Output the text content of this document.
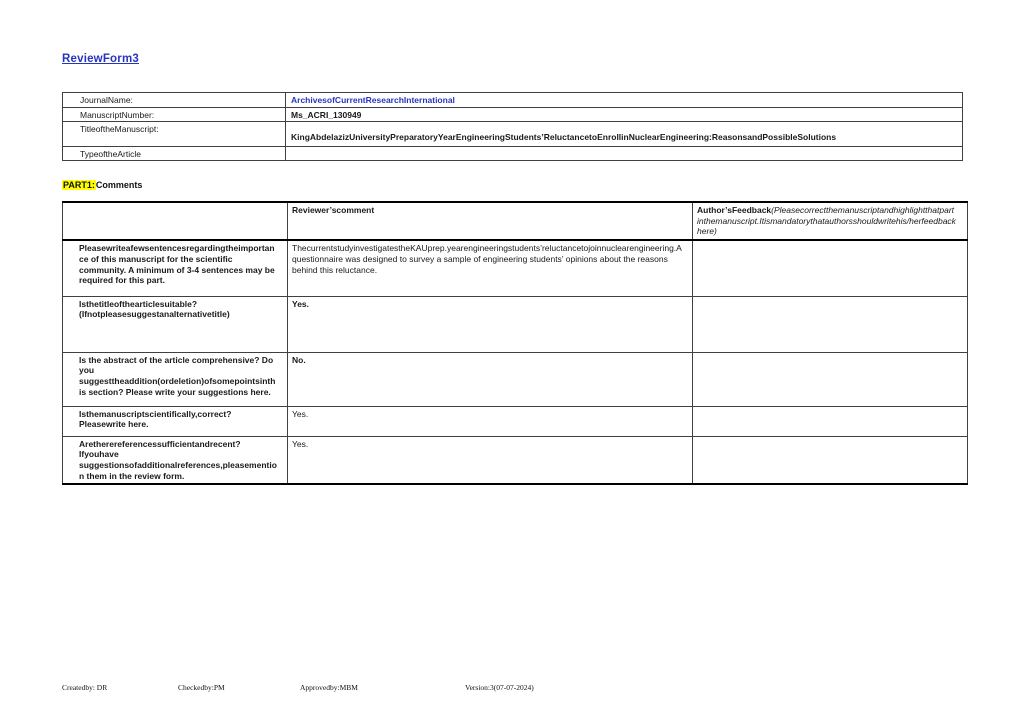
ReviewForm3
JournalName:	ArchivesofCurrentResearchInternational
ManuscriptNumber:	Ms_ACRI_130949
TitleoftheManuscript:	KingAbdelazizUniversityPreparatoryYearEngineeringStudents’ReluctancetoEnrollinNuclearEngineering:ReasonsandPossibleSolutions
TypeoftheArticle	
PART1:Comments
	Reviewer’scomment	Author’sFeedback(Pleasecorrectthemanuscriptandhighlightthatpart inthemanuscript.Itismandatorythatauthorsshouldwritehis/herfeedback here)
Pleasewriteafewsentencesregardingtheimportance of this manuscript for the scientific community. A minimum of 3-4 sentences may be required for this part.	ThecurrentstudyinvestigatestheKAUprep.yearengineeringstudents’reluctancetojoinnuclearengineering.A questionnaire was designed to survey a sample of engineering students’ opinions about the reasons behind this reluctance.	
Isthetitleofthearticlesuitable? (Ifnotpleasesuggestanalternativetitle)	Yes.	
Is the abstract of the article comprehensive? Do you suggesttheaddition(ordeletion)ofsomepointsinthis section? Please write your suggestions here.	No.	
Isthemanuscriptscientifically,correct?Pleasewrite here.	Yes.	
Aretherereferencessufficientandrecent?Ifyouhave suggestionsofadditionalreferences,pleasemention them in the review form.	Yes.	
Createdby: DR	Checkedby:PM	Approvedby:MBM	Version:3(07-07-2024)
